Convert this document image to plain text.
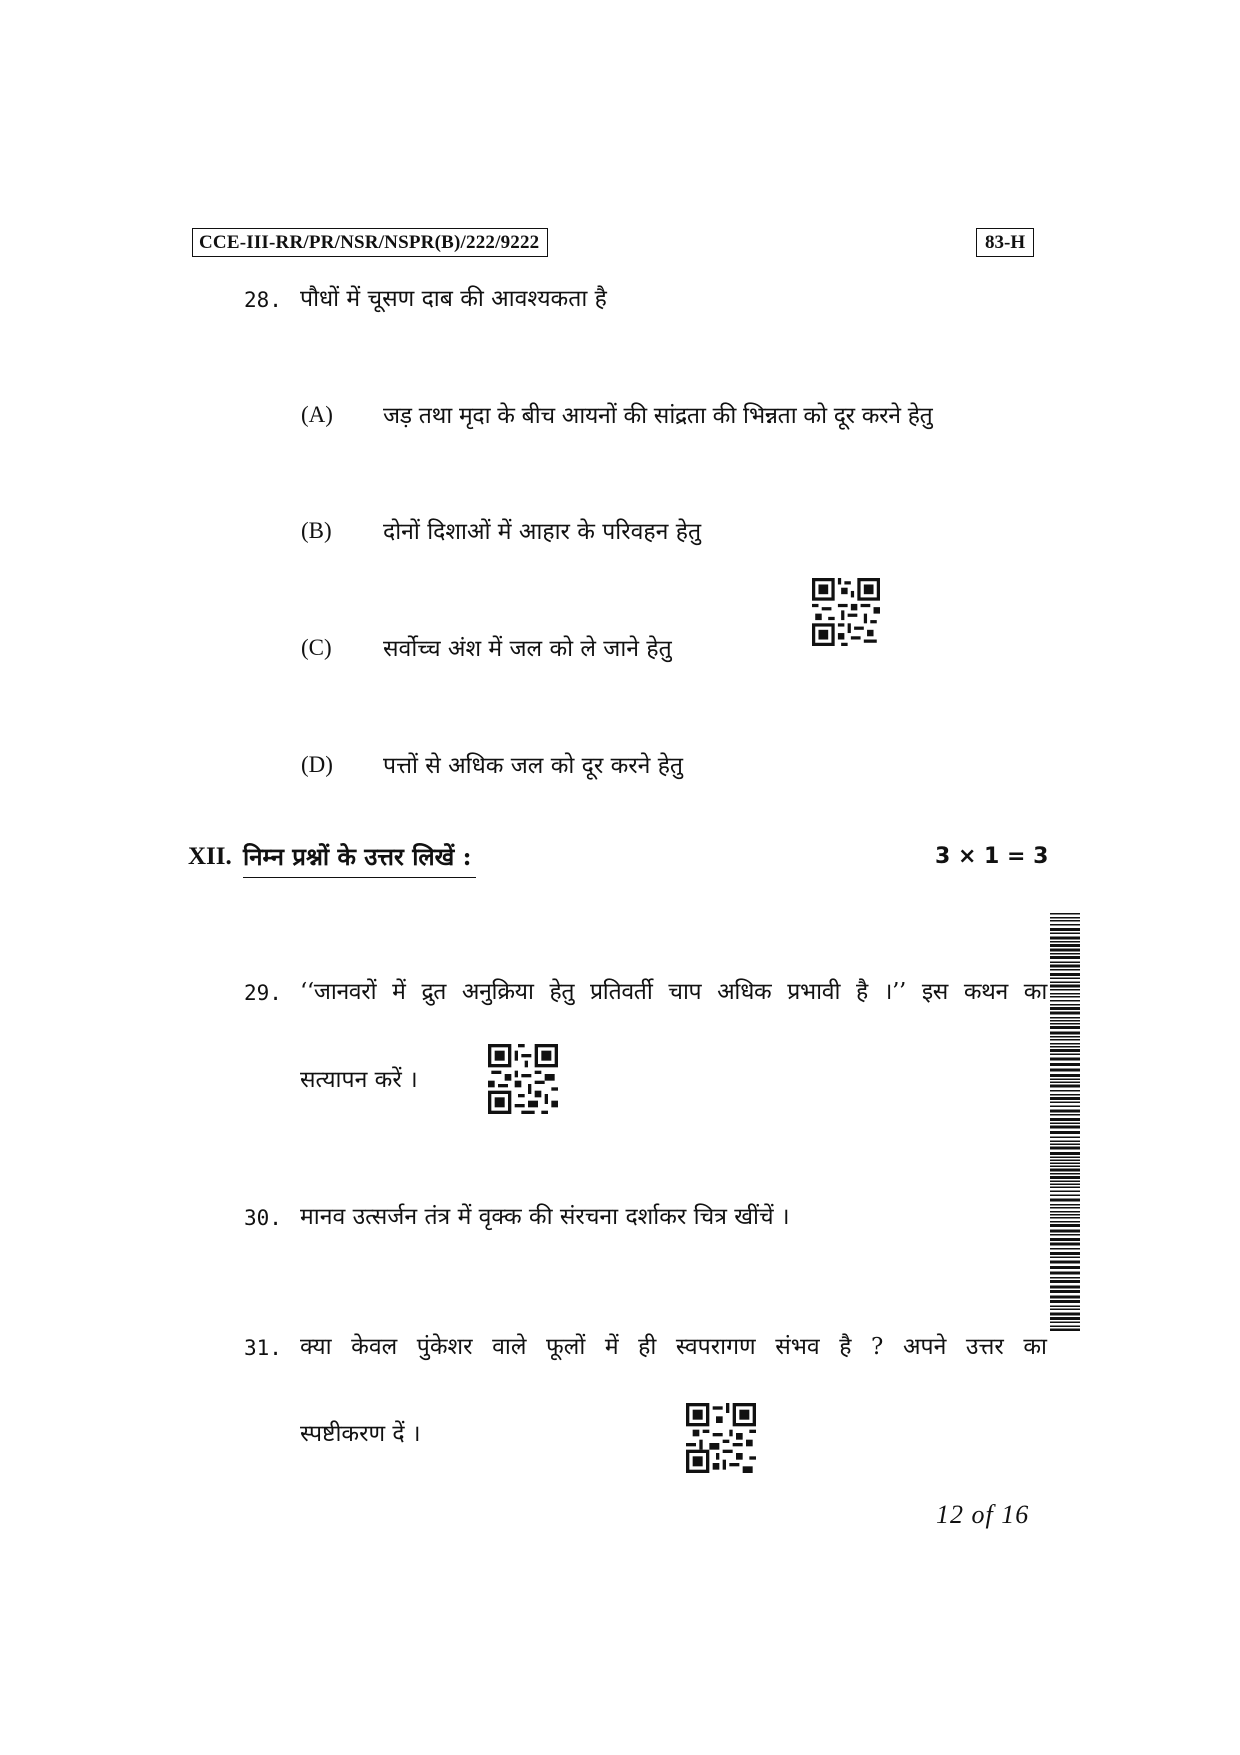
CCE-III-RR/PR/NSR/NSPR(B)/222/9222	83-H
28. पौधों में चूसण दाब की आवश्यकता है
(A) जड़ तथा मृदा के बीच आयनों की सांद्रता की भिन्नता को दूर करने हेतु
(B) दोनों दिशाओं में आहार के परिवहन हेतु
(C) सर्वोच्च अंश में जल को ले जाने हेतु
(D) पत्तों से अधिक जल को दूर करने हेतु
XII. निम्न प्रश्नों के उत्तर लिखें :	3 × 1 = 3
29. ‘‘जानवरों में द्रुत अनुक्रिया हेतु प्रतिवर्ती चाप अधिक प्रभावी है ।’’ इस कथन का
सत्यापन करें ।
30. मानव उत्सर्जन तंत्र में वृक्क की संरचना दर्शाकर चित्र खींचें ।
31. क्या केवल पुंकेशर वाले फूलों में ही स्वपरागण संभव है ? अपने उत्तर का
स्पष्टीकरण दें ।
12 of 16
